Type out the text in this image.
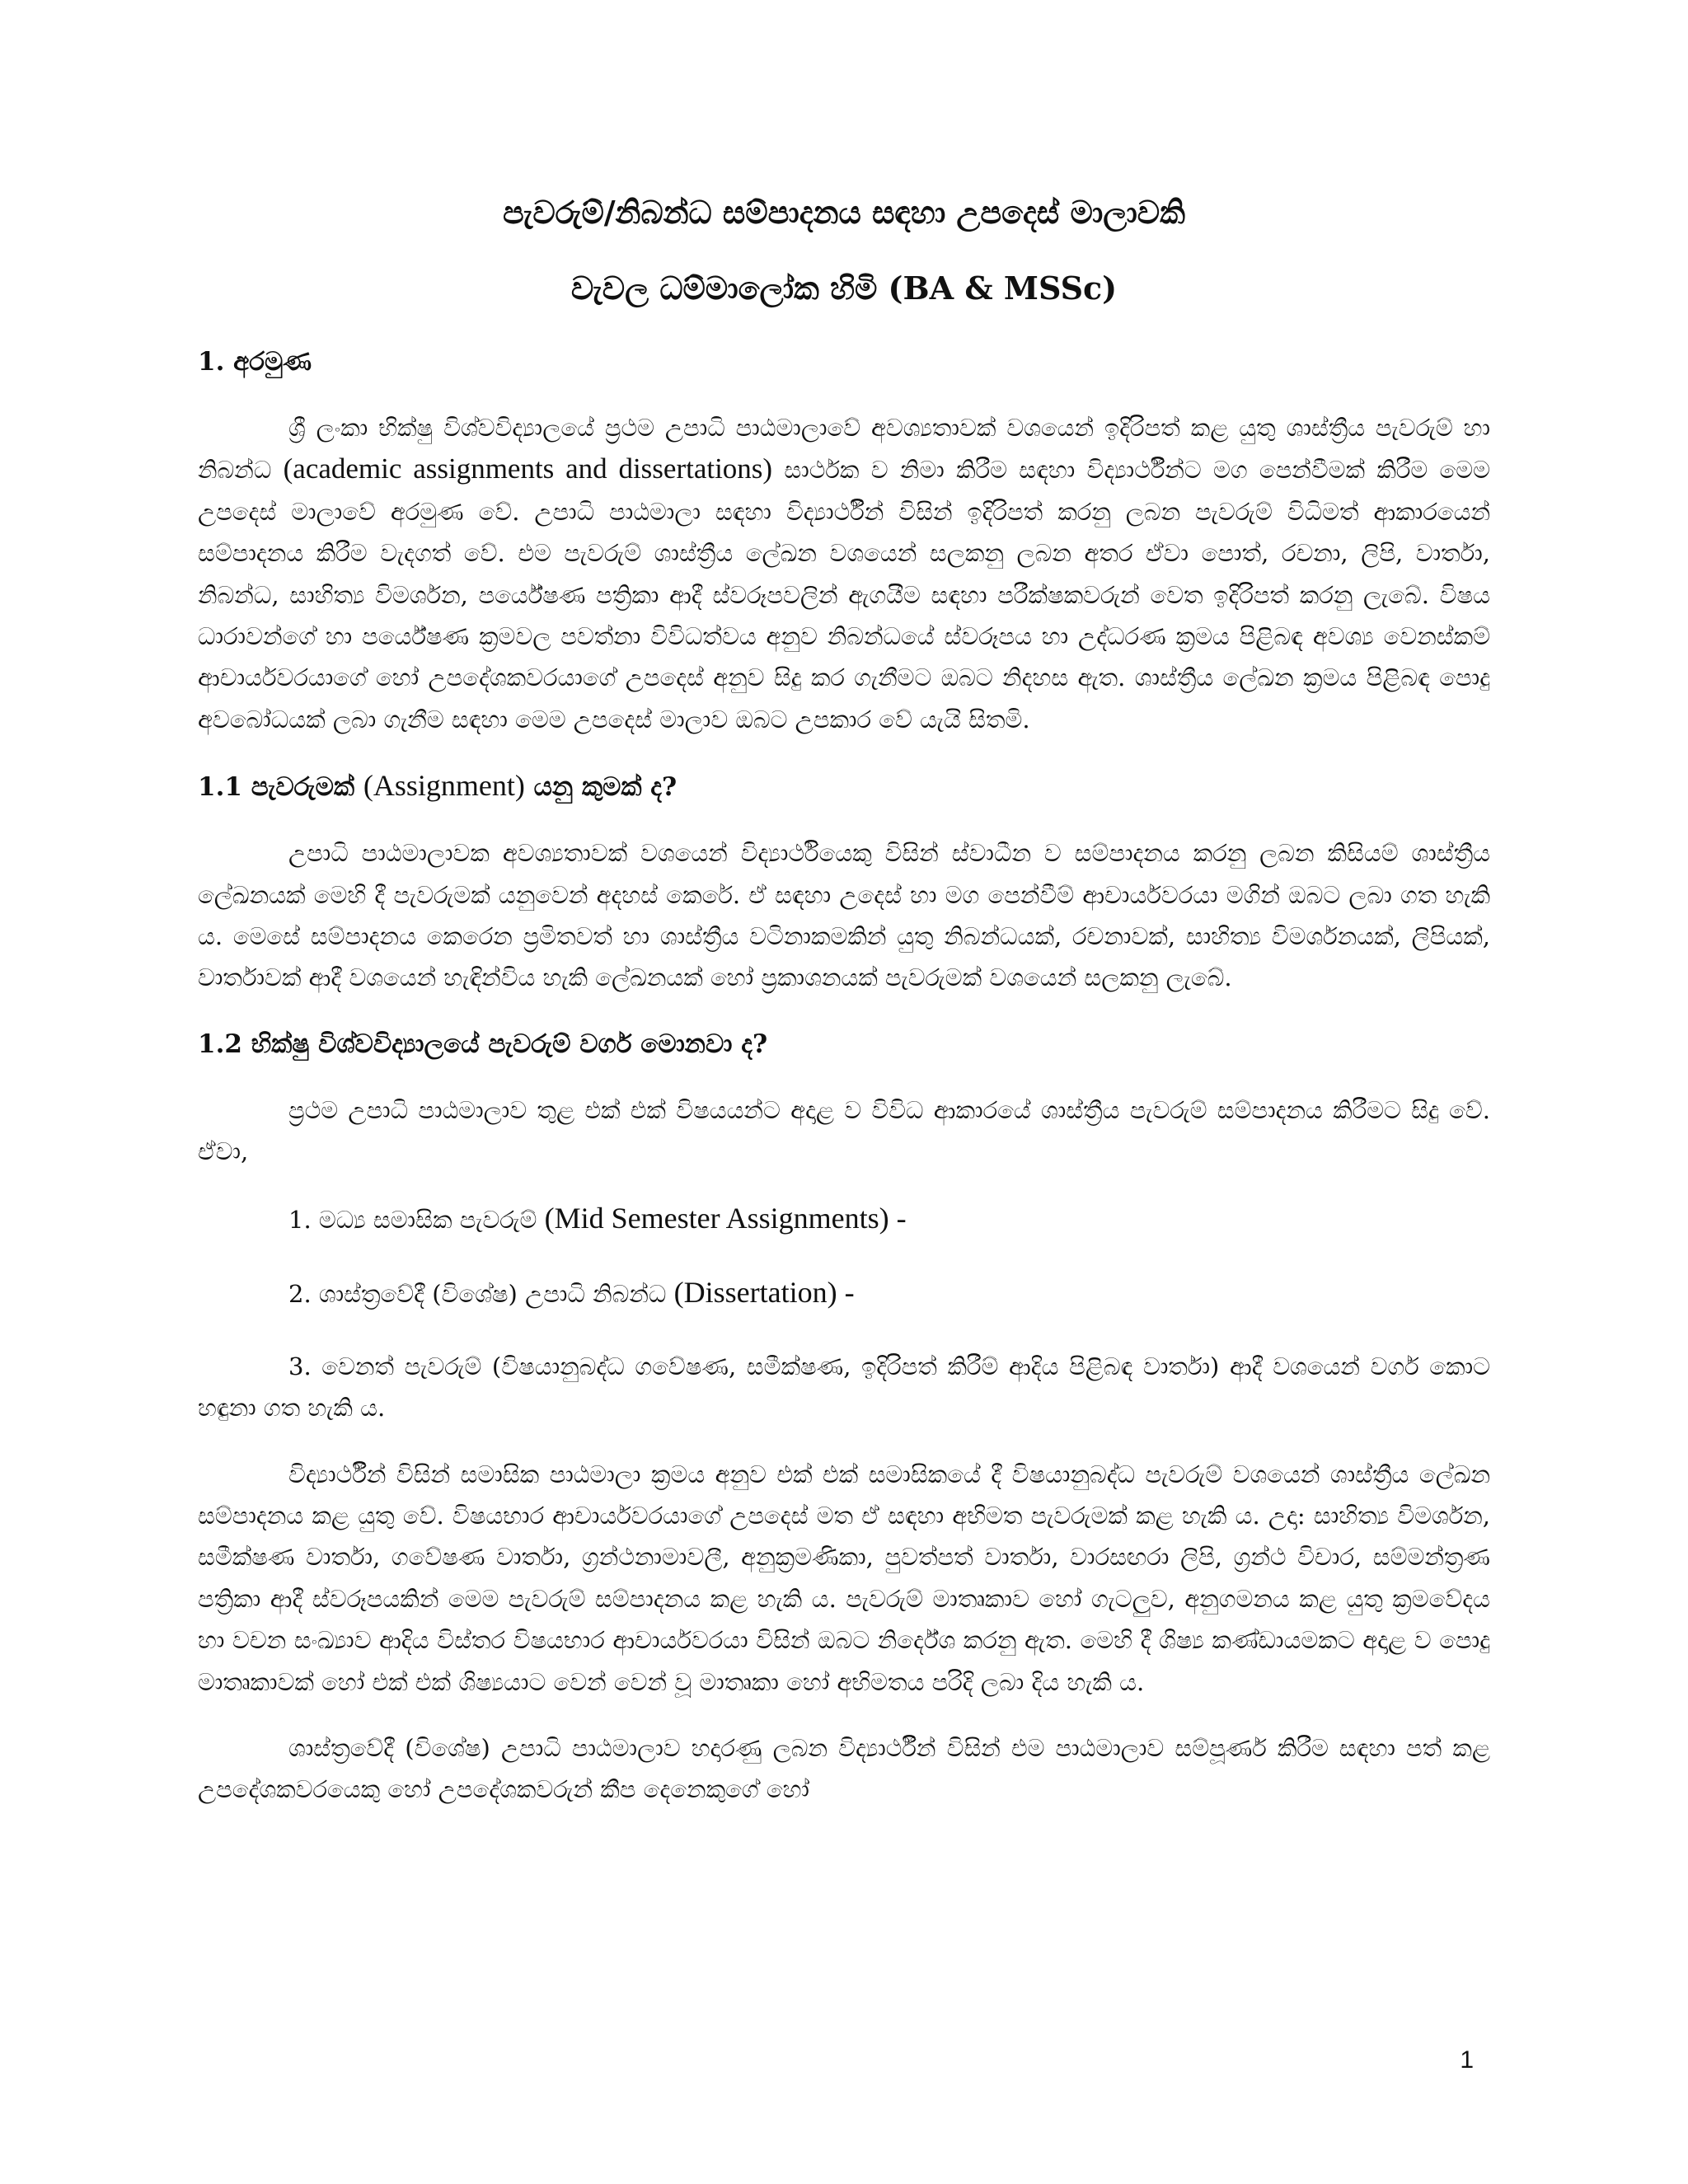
පැවරුම්/නිබන්ධ සම්පාදනය සඳහා උපදෙස් මාලාවකි
වැවල ධම්මාලෝක හිමි (BA & MSSc)
1. අරමුණ

ශ්‍රී ලංකා භික්ෂු විශ්වවිද්‍යාලයේ ප්‍රථම උපාධි පාඨමාලාවේ අවශ්‍යතාවක් වශයෙන් ඉදිරිපත් කළ යුතු ශාස්ත්‍රීය පැවරුම් හා නිබන්ධ (academic assignments and dissertations) සාර්ථක ව නිමා කිරීම සඳහා විද්‍යාර්ථීන්ට මග පෙන්වීමක් කිරීම මෙම උපදෙස් මාලාවේ අරමුණ වේ. උපාධි පාඨමාලා සඳහා විද්‍යාර්ථීන් විසින් ඉදිරිපත් කරනු ලබන පැවරුම් විධිමත් ආකාරයෙන් සම්පාදනය කිරීම වැදගත් වේ. එම පැවරුම් ශාස්ත්‍රීය ලේඛන වශයෙන් සලකනු ලබන අතර ඒවා පොත්, රචනා, ලිපි, වාර්තා, නිබන්ධ, සාහිත්‍ය විමර්ශන, පර්යේෂණ පත්‍රිකා ආදී ස්වරූපවලින් ඇගයීම සඳහා පරීක්ෂකවරුන් වෙත ඉදිරිපත් කරනු ලැබේ. විෂය ධාරාවන්ගේ හා පර්යේෂණ ක්‍රමවල පවත්නා විවිධත්වය අනුව නිබන්ධයේ ස්වරූපය හා උද්ධරණ ක්‍රමය පිළිබඳ අවශ්‍ය වෙනස්කම් ආචාර්යවරයාගේ හෝ උපදේශකවරයාගේ උපදෙස් අනුව සිදු කර ගැනීමට ඔබට නිදහස ඇත. ශාස්ත්‍රීය ලේඛන ක්‍රමය පිළිබඳ පොදු අවබෝධයක් ලබා ගැනීම සඳහා මෙම උපදෙස් මාලාව ඔබට උපකාර වේ යැයි සිතමි.

1.1 පැවරුමක් (Assignment) යනු කුමක් ද?

උපාධි පාඨමාලාවක අවශ්‍යතාවක් වශයෙන් විද්‍යාර්ථියෙකු විසින් ස්වාධීන ව සම්පාදනය කරනු ලබන කිසියම් ශාස්ත්‍රීය ලේඛනයක් මෙහි දී පැවරුමක් යනුවෙන් අදහස් කෙරේ. ඒ සඳහා උදෙස් හා මග පෙන්වීම් ආචාර්යවරයා මගින් ඔබට ලබා ගත හැකි ය. මෙසේ සම්පාදනය කෙරෙන ප්‍රමිතවත් හා ශාස්ත්‍රීය වටිනාකමකින් යුතු නිබන්ධයක්, රචනාවක්, සාහිත්‍ය විමර්ශනයක්, ලිපියක්, වාර්තාවක් ආදී වශයෙන් හැඳින්විය හැකි ලේඛනයක් හෝ ප්‍රකාශනයක් පැවරුමක් වශයෙන් සලකනු ලැබේ.

1.2 භික්ෂු විශ්වවිද්‍යාලයේ පැවරුම් වර්ග මොනවා ද?

ප්‍රථම උපාධි පාඨමාලාව තුළ එක් එක් විෂයයන්ට අදාළ ව විවිධ ආකාරයේ ශාස්ත්‍රීය පැවරුම් සම්පාදනය කිරීමට සිදු වේ. ඒවා,

1. මධ්‍ය සමාසික පැවරුම් (Mid Semester Assignments) -
2. ශාස්ත්‍රවේදී (විශේෂ) උපාධි නිබන්ධ (Dissertation) -

3. වෙනත් පැවරුම් (විෂයානුබද්ධ ගවේෂණ, සමීක්ෂණ, ඉදිරිපත් කිරීම් ආදිය පිළිබඳ වාර්තා) ආදී වශයෙන් වර්ග කොට හඳුනා ගත හැකි ය.

විද්‍යාර්ථීන් විසින් සමාසික පාඨමාලා ක්‍රමය අනුව එක් එක් සමාසිකයේ දී විෂයානුබද්ධ පැවරුම් වශයෙන් ශාස්ත්‍රීය ලේඛන සම්පාදනය කළ යුතු වේ. විෂයභාර ආචාර්යවරයාගේ උපදෙස් මත ඒ සඳහා අභිමත පැවරුමක් කළ හැකි ය. උදා: සාහිත්‍ය විමර්ශන, සමීක්ෂණ වාර්තා, ගවේෂණ වාර්තා, ග්‍රන්ථනාමාවලී, අනුක්‍රමණිකා, පුවත්පත් වාර්තා, වාරසඟරා ලිපි, ග්‍රන්ථ විචාර, සම්මන්ත්‍රණ පත්‍රිකා ආදී ස්වරූපයකින් මෙම පැවරුම් සම්පාදනය කළ හැකි ය. පැවරුම් මාතෘකාව හෝ ගැටලුව, අනුගමනය කළ යුතු ක්‍රමවේදය හා වචන සංඛ්‍යාව ආදිය විස්තර විෂයභාර ආචාර්යවරයා විසින් ඔබට නිර්දේශ කරනු ඇත. මෙහි දී ශිෂ්‍ය කණ්ඩායමකට අදාළ ව පොදු මාතෘකාවක් හෝ එක් එක් ශිෂ්‍යයාට වෙන් වෙන් වූ මාතෘකා හෝ අභිමතය පරිදි ලබා දිය හැකි ය.

ශාස්ත්‍රවේදී (විශේෂ) උපාධි පාඨමාලාව හදාරණු ලබන විද්‍යාර්ථීන් විසින් එම පාඨමාලාව සම්පූර්ණ කිරීම සඳහා පත් කළ උපදේශකවරයෙකු හෝ උපදේශකවරුන් කීප දෙනෙකුගේ හෝ

1
